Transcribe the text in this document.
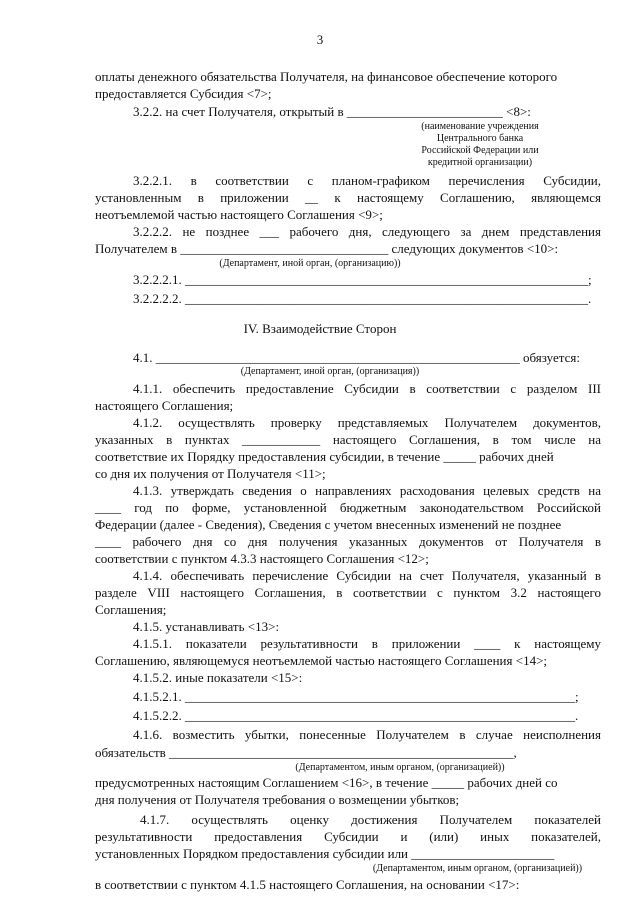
3
оплаты денежного обязательства Получателя, на финансовое обеспечение которого
предоставляется Субсидия <7>;
3.2.2. на счет Получателя, открытый в ________________________ <8>:
(наименование учреждения
Центрального банка
Российской Федерации или
кредитной организации)
3.2.2.1. в соответствии с планом-графиком перечисления Субсидии,
установленным в приложении __ к настоящему Соглашению, являющемся
неотъемлемой частью настоящего Соглашения <9>;
3.2.2.2. не позднее ___ рабочего дня, следующего за днем представления
Получателем в ________________________________ следующих документов <10>:
(Департамент, иной орган, (организацию))
3.2.2.2.1. ______________________________________________________________;
3.2.2.2.2. ______________________________________________________________.
IV. Взаимодействие Сторон
4.1. ________________________________________________________ обязуется:
(Департамент, иной орган, (организация))
4.1.1. обеспечить предоставление Субсидии в соответствии с разделом III
настоящего Соглашения;
4.1.2. осуществлять проверку представляемых Получателем документов,
указанных в пунктах ____________ настоящего Соглашения, в том числе на
соответствие их Порядку предоставления субсидии, в течение _____ рабочих дней
со дня их получения от Получателя <11>;
4.1.3. утверждать сведения о направлениях расходования целевых средств на
____ год по форме, установленной бюджетным законодательством Российской
Федерации (далее - Сведения), Сведения с учетом внесенных изменений не позднее
____ рабочего дня со дня получения указанных документов от Получателя в
соответствии с пунктом 4.3.3 настоящего Соглашения <12>;
4.1.4. обеспечивать перечисление Субсидии на счет Получателя, указанный в
разделе VIII настоящего Соглашения, в соответствии с пунктом 3.2 настоящего
Соглашения;
4.1.5. устанавливать <13>:
4.1.5.1. показатели результативности в приложении ____ к настоящему
Соглашению, являющемуся неотъемлемой частью настоящего Соглашения <14>;
4.1.5.2. иные показатели <15>:
4.1.5.2.1. ____________________________________________________________;
4.1.5.2.2. ____________________________________________________________.
4.1.6. возместить убытки, понесенные Получателем в случае неисполнения
обязательств _____________________________________________________,
(Департаментом, иным органом, (организацией))
предусмотренных настоящим Соглашением <16>, в течение _____ рабочих дней со
дня получения от Получателя требования о возмещении убытков;
4.1.7. осуществлять оценку достижения Получателем показателей
результативности предоставления Субсидии и (или) иных показателей,
установленных Порядком предоставления субсидии или ______________________
(Департаментом, иным органом, (организацией))
в соответствии с пунктом 4.1.5 настоящего Соглашения, на основании <17>:
